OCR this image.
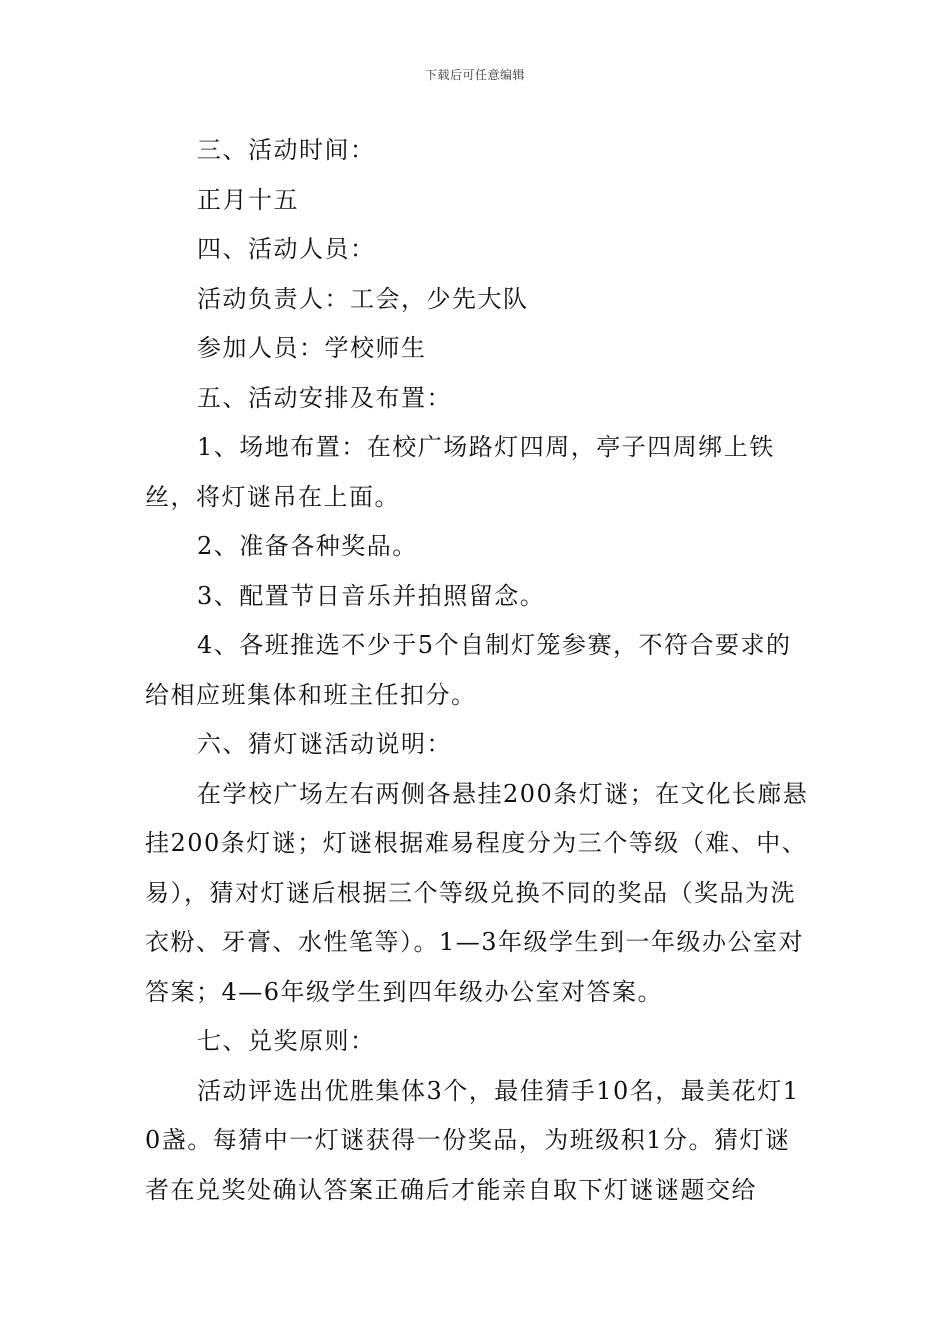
下载后可任意编辑

三、活动时间：

正月十五

四、活动人员：

活动负责人：工会，少先大队

参加人员：学校师生

五、活动安排及布置：

1、场地布置：在校广场路灯四周，亭子四周绑上铁丝，将灯谜吊在上面。

2、准备各种奖品。

3、配置节日音乐并拍照留念。

4、各班推选不少于5个自制灯笼参赛，不符合要求的给相应班集体和班主任扣分。

六、猜灯谜活动说明：

在学校广场左右两侧各悬挂200条灯谜；在文化长廊悬挂200条灯谜；灯谜根据难易程度分为三个等级（难、中、易），猜对灯谜后根据三个等级兑换不同的奖品（奖品为洗衣粉、牙膏、水性笔等）。1—3年级学生到一年级办公室对答案；4—6年级学生到四年级办公室对答案。

七、兑奖原则：

活动评选出优胜集体3个，最佳猜手10名，最美花灯10盏。每猜中一灯谜获得一份奖品，为班级积1分。猜灯谜者在兑奖处确认答案正确后才能亲自取下灯谜谜题交给
